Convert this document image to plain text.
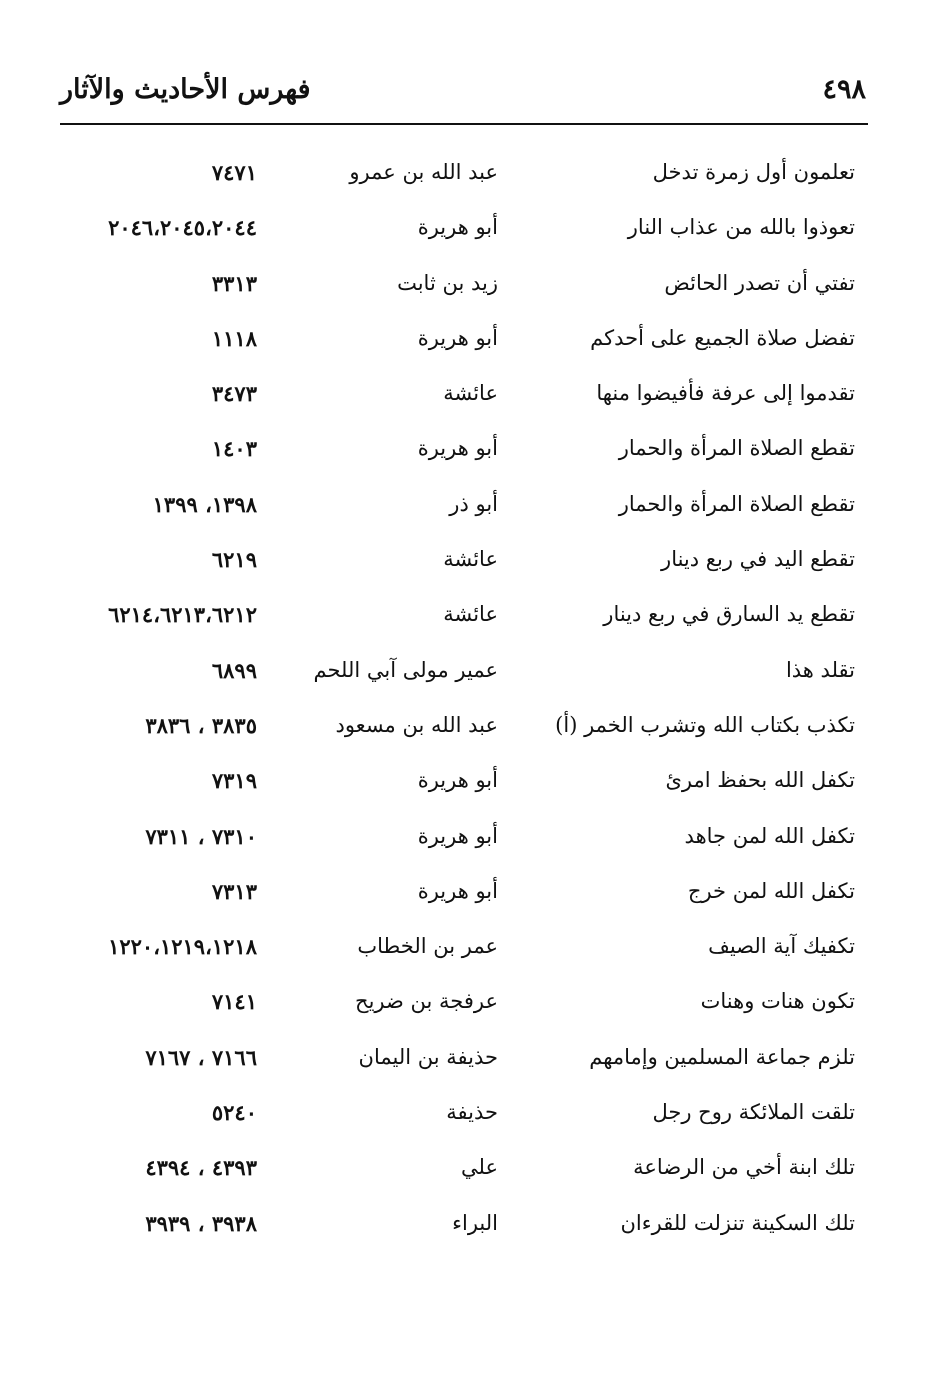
فهرس الأحاديث والآثار	٤٩٨
تعلمون أول زمرة تدخل
عبد الله بن عمرو
٧٤٧١
تعوذوا بالله من عذاب النار
أبو هريرة
٢٠٤٦،٢٠٤٥،٢٠٤٤
تفتي أن تصدر الحائض
زيد بن ثابت
٣٣١٣
تفضل صلاة الجميع على أحدكم
أبو هريرة
١١١٨
تقدموا إلى عرفة فأفيضوا منها
عائشة
٣٤٧٣
تقطع الصلاة المرأة والحمار
أبو هريرة
١٤٠٣
تقطع الصلاة المرأة والحمار
أبو ذر
١٣٩٨، ١٣٩٩
تقطع اليد في ربع دينار
عائشة
٦٢١٩
تقطع يد السارق في ربع دينار
عائشة
٦٢١٤،٦٢١٣،٦٢١٢
تقلد هذا
عمير مولى آبي اللحم
٦٨٩٩
تكذب بكتاب الله وتشرب الخمر (أ)
عبد الله بن مسعود
٣٨٣٥ ، ٣٨٣٦
تكفل الله بحفظ امرئ
أبو هريرة
٧٣١٩
تكفل الله لمن جاهد
أبو هريرة
٧٣١٠ ، ٧٣١١
تكفل الله لمن خرج
أبو هريرة
٧٣١٣
تكفيك آية الصيف
عمر بن الخطاب
١٢٢٠،١٢١٩،١٢١٨
تكون هنات وهنات
عرفجة بن ضريح
٧١٤١
تلزم جماعة المسلمين وإمامهم
حذيفة بن اليمان
٧١٦٦ ، ٧١٦٧
تلقت الملائكة روح رجل
حذيفة
٥٢٤٠
تلك ابنة أخي من الرضاعة
علي
٤٣٩٣ ، ٤٣٩٤
تلك السكينة تنزلت للقرءان
البراء
٣٩٣٨ ، ٣٩٣٩
